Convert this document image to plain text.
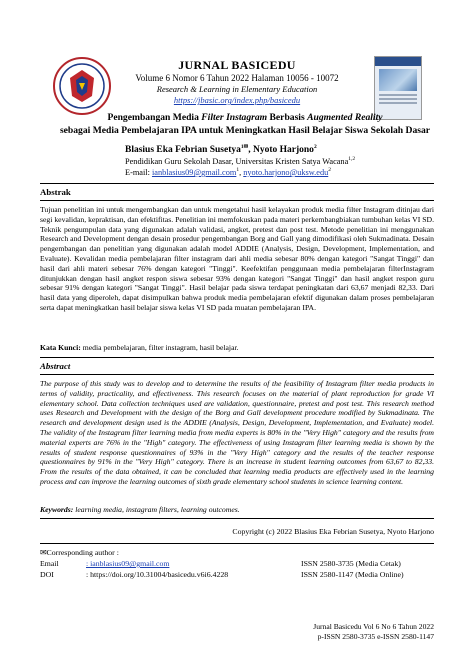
JURNAL BASICEDU
Volume 6 Nomor 6 Tahun 2022 Halaman 10056 - 10072
Research & Learning in Elementary Education
https://jbasic.org/index.php/basicedu
Pengembangan Media Filter Instagram Berbasis Augmented Reality
sebagai Media Pembelajaran IPA untuk Meningkatkan Hasil Belajar Siswa Sekolah Dasar
Blasius Eka Febrian Susetya$^{1✉}$, Nyoto Harjono$^2$
Pendidikan Guru Sekolah Dasar, Universitas Kristen Satya Wacana$^{1,2}$
E-mail: ianblasius09@gmail.com$^1$, nyoto.harjono@uksw.edu$^2$
Abstrak
Tujuan penelitian ini untuk mengembangkan dan untuk mengetahui hasil kelayakan produk media filter Instagram ditinjau dari segi kevalidan, kepraktisan, dan efektifitas. Penelitian ini memfokuskan pada materi perkembangbiakan tumbuhan kelas VI SD. Teknik pengumpulan data yang digunakan adalah validasi, angket, pretest dan post test. Metode penelitian ini menggunakan Research and Development dengan desain prosedur pengembangan Borg and Gall yang dimodifikasi oleh Sukmadinata. Desain pengembangan dan penelitian yang digunakan adalah model ADDIE (Analysis, Design, Development, Implementation, and Evaluate). Kevalidan media pembelajaran filter instagram dari ahli media sebesar 80% dengan kategori "Sangat Tinggi" dan hasil dari ahli materi sebesar 76% dengan kategori "Tinggi". Keefektifan penggunaan media pembelajaran filterInstagram ditunjukkan dengan hasil angket respon siswa sebesar 93% dengan kategori "Sangat Tinggi" dan hasil angket respon guru sebesar 91% dengan kategori "Sangat Tinggi". Hasil belajar pada siswa terdapat peningkatan dari 63,67 menjadi 82,33. Dari hasil data yang diperoleh, dapat disimpulkan bahwa produk media pembelajaran efektif digunakan dalam proses pembelajaran serta dapat meningkatkan hasil belajar siswa kelas VI SD pada muatan pembelajaran IPA.
Kata Kunci: media pembelajaran, filter instagram, hasil belajar.
Abstract
The purpose of this study was to develop and to determine the results of the feasibility of Instagram filter media products in terms of validity, practicality, and effectiveness. This research focuses on the material of plant reproduction for grade VI elementary school. Data collection techniques used are validation, questionnaire, pretest and post test. This research method uses Research and Development with the design of the Borg and Gall development procedure modified by Sukmadinata. The research and development design used is the ADDIE (Analysis, Design, Development, Implementation, and Evaluate) model. The validity of the Instagram filter learning media from media experts is 80% in the "Very High" category and the results from material experts are 76% in the "High" category. The effectiveness of using Instagram filter learning media is shown by the results of student response questionnaires of 93% in the "Very High" category and the results of the teacher response questionnaires by 91% in the "Very High" category. There is an increase in student learning outcomes from 63,67 to 82,33. From the results of the data obtained, it can be concluded that learning media products are effectively used in the learning process and can improve the learning outcomes of sixth grade elementary school students in science learning content.
Keywords: learning media, instagram filters, learning outcomes.
Copyright (c) 2022 Blasius Eka Febrian Susetya, Nyoto Harjono
✉Corresponding author :
Email	: ianblasius09@gmail.com
DOI	: https://doi.org/10.31004/basicedu.v6i6.4228
ISSN 2580-3735 (Media Cetak)
ISSN 2580-1147 (Media Online)
Jurnal Basicedu Vol 6 No 6 Tahun 2022
p-ISSN 2580-3735 e-ISSN 2580-1147
